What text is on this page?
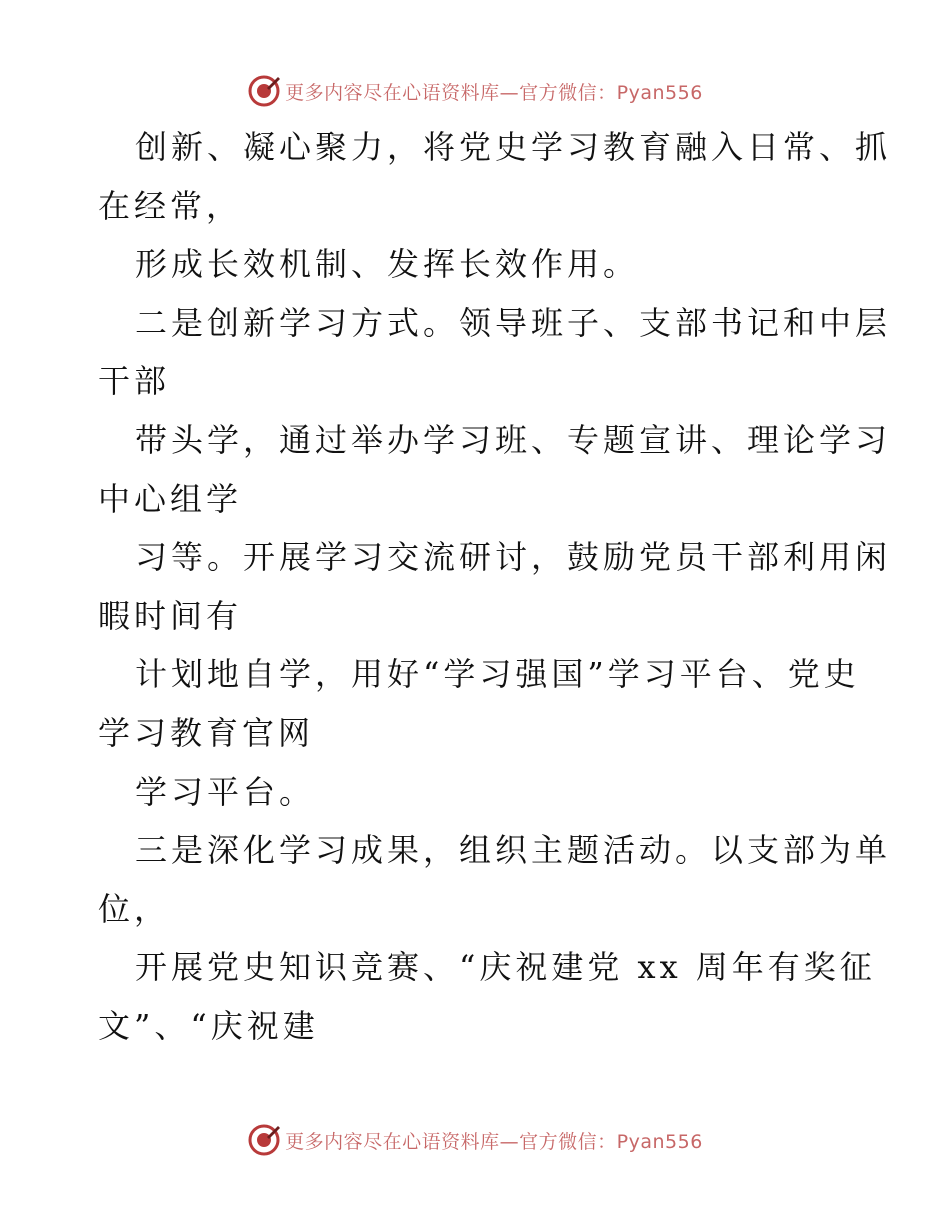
更多内容尽在心语资料库—官方微信：Pyan556
创新、凝心聚力，将党史学习教育融入日常、抓
在经常，
形成长效机制、发挥长效作用。
二是创新学习方式。领导班子、支部书记和中层
干部
带头学，通过举办学习班、专题宣讲、理论学习
中心组学
习等。开展学习交流研讨，鼓励党员干部利用闲
暇时间有
计划地自学，用好“学习强国”学习平台、党史
学习教育官网
学习平台。
三是深化学习成果，组织主题活动。以支部为单
位，
开展党史知识竞赛、“庆祝建党 xx 周年有奖征
文”、“庆祝建
更多内容尽在心语资料库—官方微信：Pyan556
